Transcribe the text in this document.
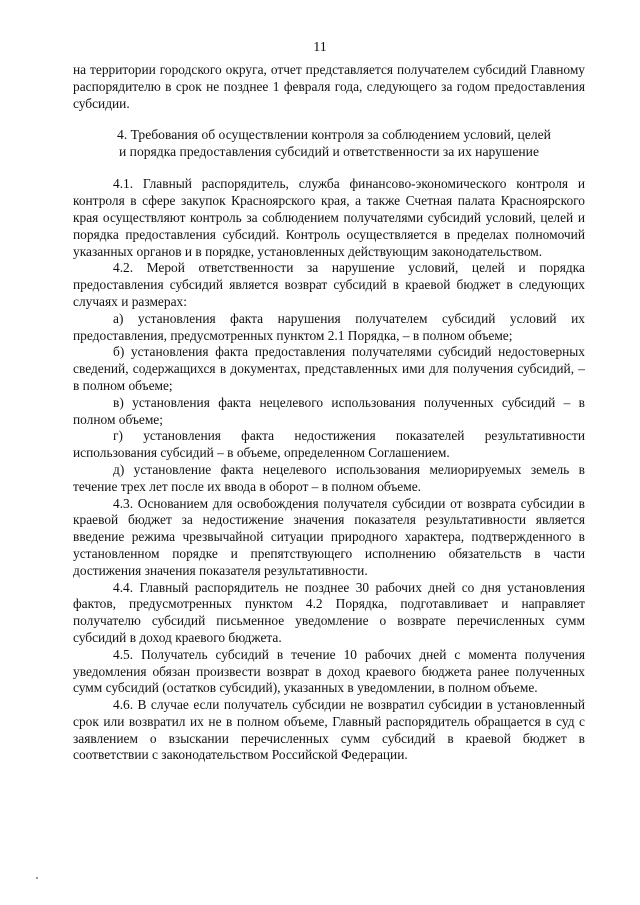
11

на территории городского округа, отчет представляется получателем субсидий Главному распорядителю в срок не позднее 1 февраля года, следующего за годом предоставления субсидии.

4. Требования об осуществлении контроля за соблюдением условий, целей
и порядка предоставления субсидий и ответственности за их нарушение

4.1. Главный распорядитель, служба финансово-экономического контроля и контроля в сфере закупок Красноярского края, а также Счетная палата Красноярского края осуществляют контроль за соблюдением получателями субсидий условий, целей и порядка предоставления субсидий. Контроль осуществляется в пределах полномочий указанных органов и в порядке, установленных действующим законодательством.

4.2. Мерой ответственности за нарушение условий, целей и порядка предоставления субсидий является возврат субсидий в краевой бюджет в следующих случаях и размерах:

а) установления факта нарушения получателем субсидий условий их предоставления, предусмотренных пунктом 2.1 Порядка, – в полном объеме;

б) установления факта предоставления получателями субсидий недостоверных сведений, содержащихся в документах, представленных ими для получения субсидий, – в полном объеме;

в) установления факта нецелевого использования полученных субсидий – в полном объеме;

г) установления факта недостижения показателей результативности использования субсидий – в объеме, определенном Соглашением.

д) установление факта нецелевого использования мелиорируемых земель в течение трех лет после их ввода в оборот – в полном объеме.

4.3. Основанием для освобождения получателя субсидии от возврата субсидии в краевой бюджет за недостижение значения показателя результативности является введение режима чрезвычайной ситуации природного характера, подтвержденного в установленном порядке и препятствующего исполнению обязательств в части достижения значения показателя результативности.

4.4. Главный распорядитель не позднее 30 рабочих дней со дня установления фактов, предусмотренных пунктом 4.2 Порядка, подготавливает и направляет получателю субсидий письменное уведомление о возврате перечисленных сумм субсидий в доход краевого бюджета.

4.5. Получатель субсидий в течение 10 рабочих дней с момента получения уведомления обязан произвести возврат в доход краевого бюджета ранее полученных сумм субсидий (остатков субсидий), указанных в уведомлении, в полном объеме.

4.6. В случае если получатель субсидии не возвратил субсидии в установленный срок или возвратил их не в полном объеме, Главный распорядитель обращается в суд с заявлением о взыскании перечисленных сумм субсидий в краевой бюджет в соответствии с законодательством Российской Федерации.
